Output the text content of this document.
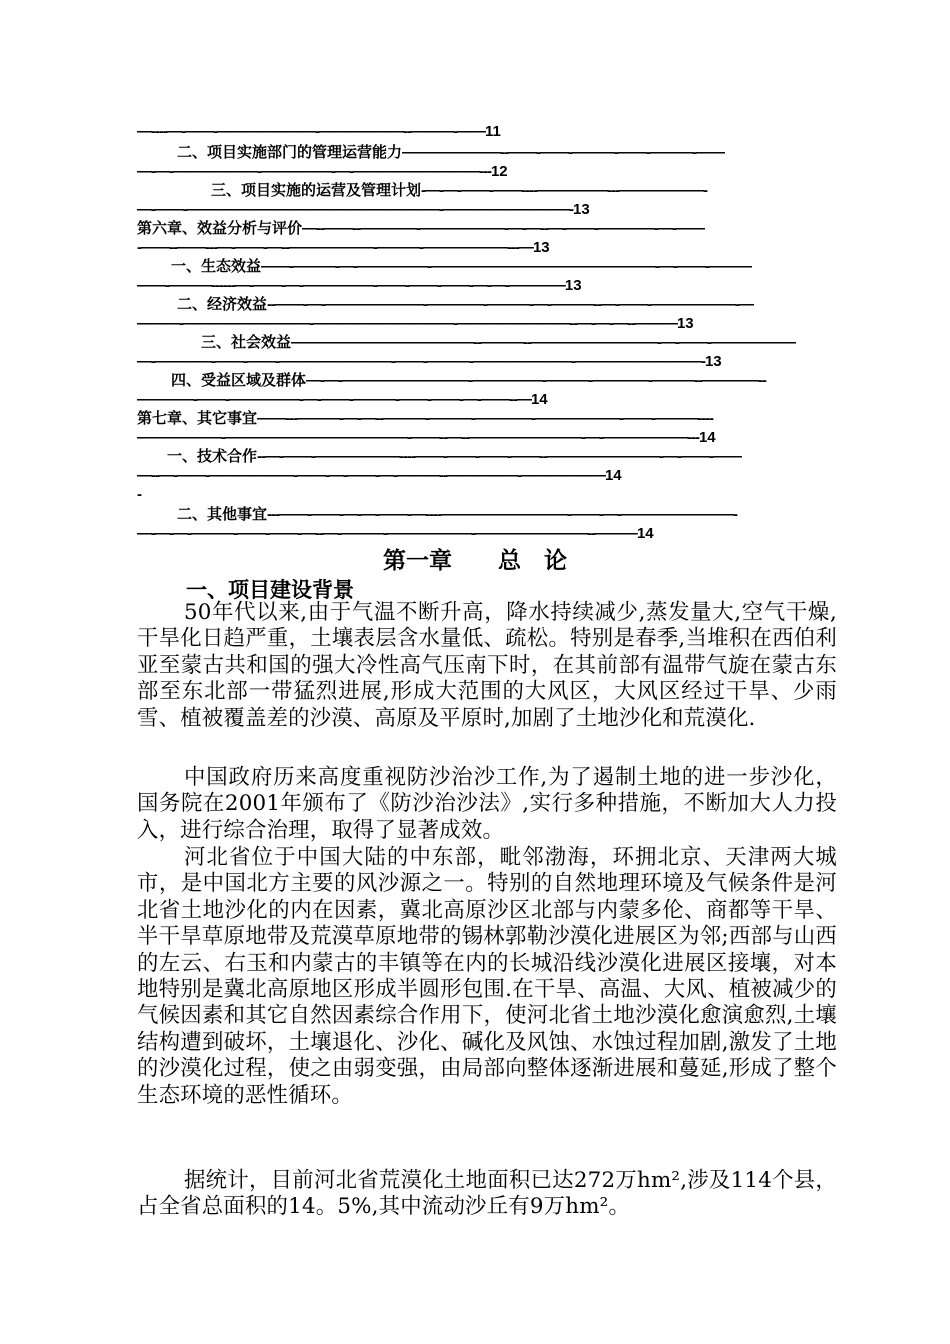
—----—-——-———————-——————--———-——11
二、项目实施部门的管理运营能力———————--——-——-———-——-———-——
—-—-——————-—————-—-—————————---12
三、项目实施的运营及管理计划-—-—-——-——----—————---——————-
—-——-——————————————————-—————————-13
第六章、效益分析与评价—--——--————-——————-—-—--—-——-————-—-——
-——--——---—-——-—--——————-———-——————---—13
一、生态效益——-———-—-—————-————————————————-—-——-———
——-———------—-——-—-—————-——-——-——-—-—-————13
二、经济效益--——-—-———————-————-———-—-———--—-——-——————-—
———-—————————-——————————-————————--—-—-—--———13
三、社会效益—————————————--———--—————————-—-——-——————
—-————-——-——-————————-——-———-———————-—————————-13
四、受益区域及群体—-—-—————————-—————-———-————-———--————--
————-——-—————-—-——-———-——-——-—-——--—14
第七章、其它事宜——---———-—-—--———-———-————-——————-——-———----
——————-—————————————-——--—--————————-—-——————---14
一、技术合作--—-——-——————----——-——-——-——--————————-—-——-——
—--—-——-——————-——-—-——-—-———--—————-——————14
-
二、其他事宜---——-——-—-—-——-—----—————————-——-—-————————-
—-—-—-———-——-——-—--—-———-——————-————————--———14
第一章　　总　论
一、项目建设背景

50年代以来,由于气温不断升高，降水持续减少,蒸发量大,空气干燥,干旱化日趋严重，土壤表层含水量低、疏松。特别是春季,当堆积在西伯利亚至蒙古共和国的强大冷性高气压南下时，在其前部有温带气旋在蒙古东部至东北部一带猛烈进展,形成大范围的大风区，大风区经过干旱、少雨雪、植被覆盖差的沙漠、高原及平原时,加剧了土地沙化和荒漠化.

中国政府历来高度重视防沙治沙工作,为了遏制土地的进一步沙化，国务院在2001年颁布了《防沙治沙法》,实行多种措施，不断加大人力投入，进行综合治理，取得了显著成效。

河北省位于中国大陆的中东部，毗邻渤海，环拥北京、天津两大城市，是中国北方主要的风沙源之一。特别的自然地理环境及气候条件是河北省土地沙化的内在因素，冀北高原沙区北部与内蒙多伦、商都等干旱、半干旱草原地带及荒漠草原地带的锡林郭勒沙漠化进展区为邻;西部与山西的左云、右玉和内蒙古的丰镇等在内的长城沿线沙漠化进展区接壤，对本地特别是冀北高原地区形成半圆形包围.在干旱、高温、大风、植被减少的气候因素和其它自然因素综合作用下，使河北省土地沙漠化愈演愈烈,土壤结构遭到破坏，土壤退化、沙化、碱化及风蚀、水蚀过程加剧,激发了土地的沙漠化过程，使之由弱变强，由局部向整体逐渐进展和蔓延,形成了整个生态环境的恶性循环。

据统计，目前河北省荒漠化土地面积已达272万hm²,涉及114个县，占全省总面积的14。5%,其中流动沙丘有9万hm²。
